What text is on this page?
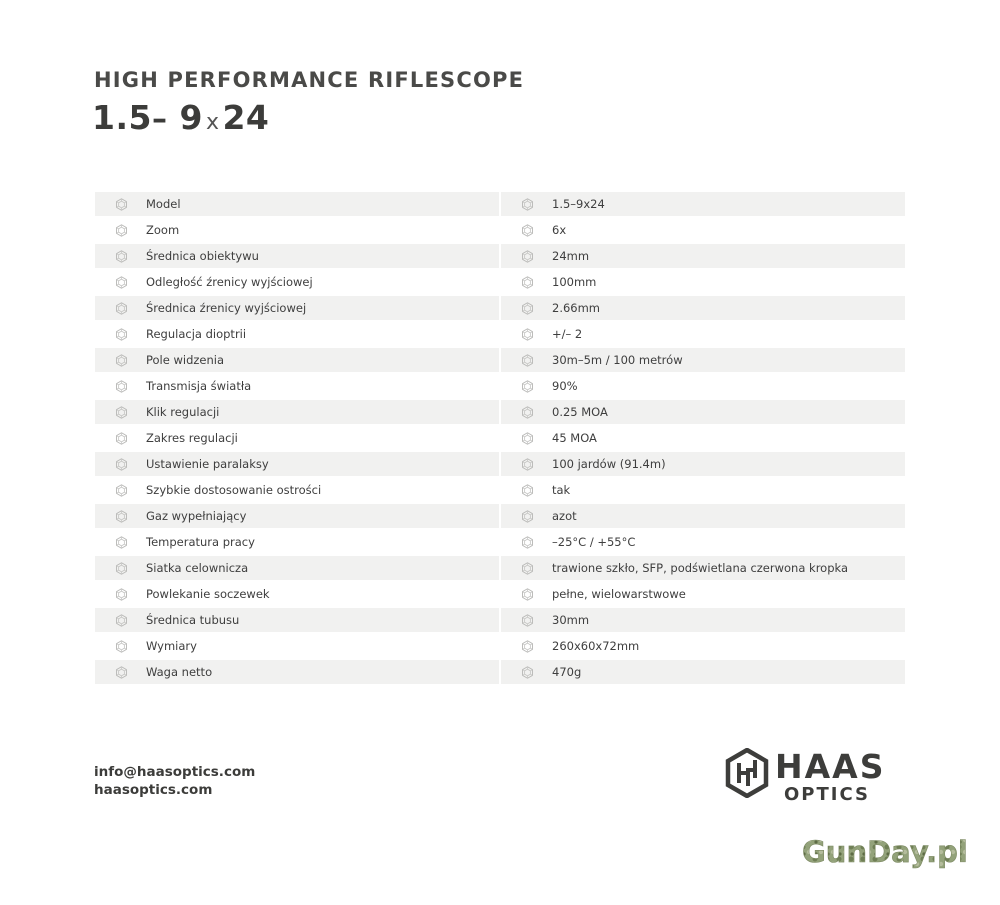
HIGH PERFORMANCE RIFLESCOPE
1.5– 9 x24
Model	1.5–9x24
Zoom	6x
Średnica obiektywu	24mm
Odległość źrenicy wyjściowej	100mm
Średnica źrenicy wyjściowej	2.66mm
Regulacja dioptrii	+/– 2
Pole widzenia	30m–5m / 100 metrów
Transmisja światła	90%
Klik regulacji	0.25 MOA
Zakres regulacji	45 MOA
Ustawienie paralaksy	100 jardów (91.4m)
Szybkie dostosowanie ostrości	tak
Gaz wypełniający	azot
Temperatura pracy	–25°C / +55°C
Siatka celownicza	trawione szkło, SFP, podświetlana czerwona kropka
Powlekanie soczewek	pełne, wielowarstwowe
Średnica tubusu	30mm
Wymiary	260x60x72mm
Waga netto	470g
info@haasoptics.com
haasoptics.com
HAAS
OPTICS
GunDay.pl
